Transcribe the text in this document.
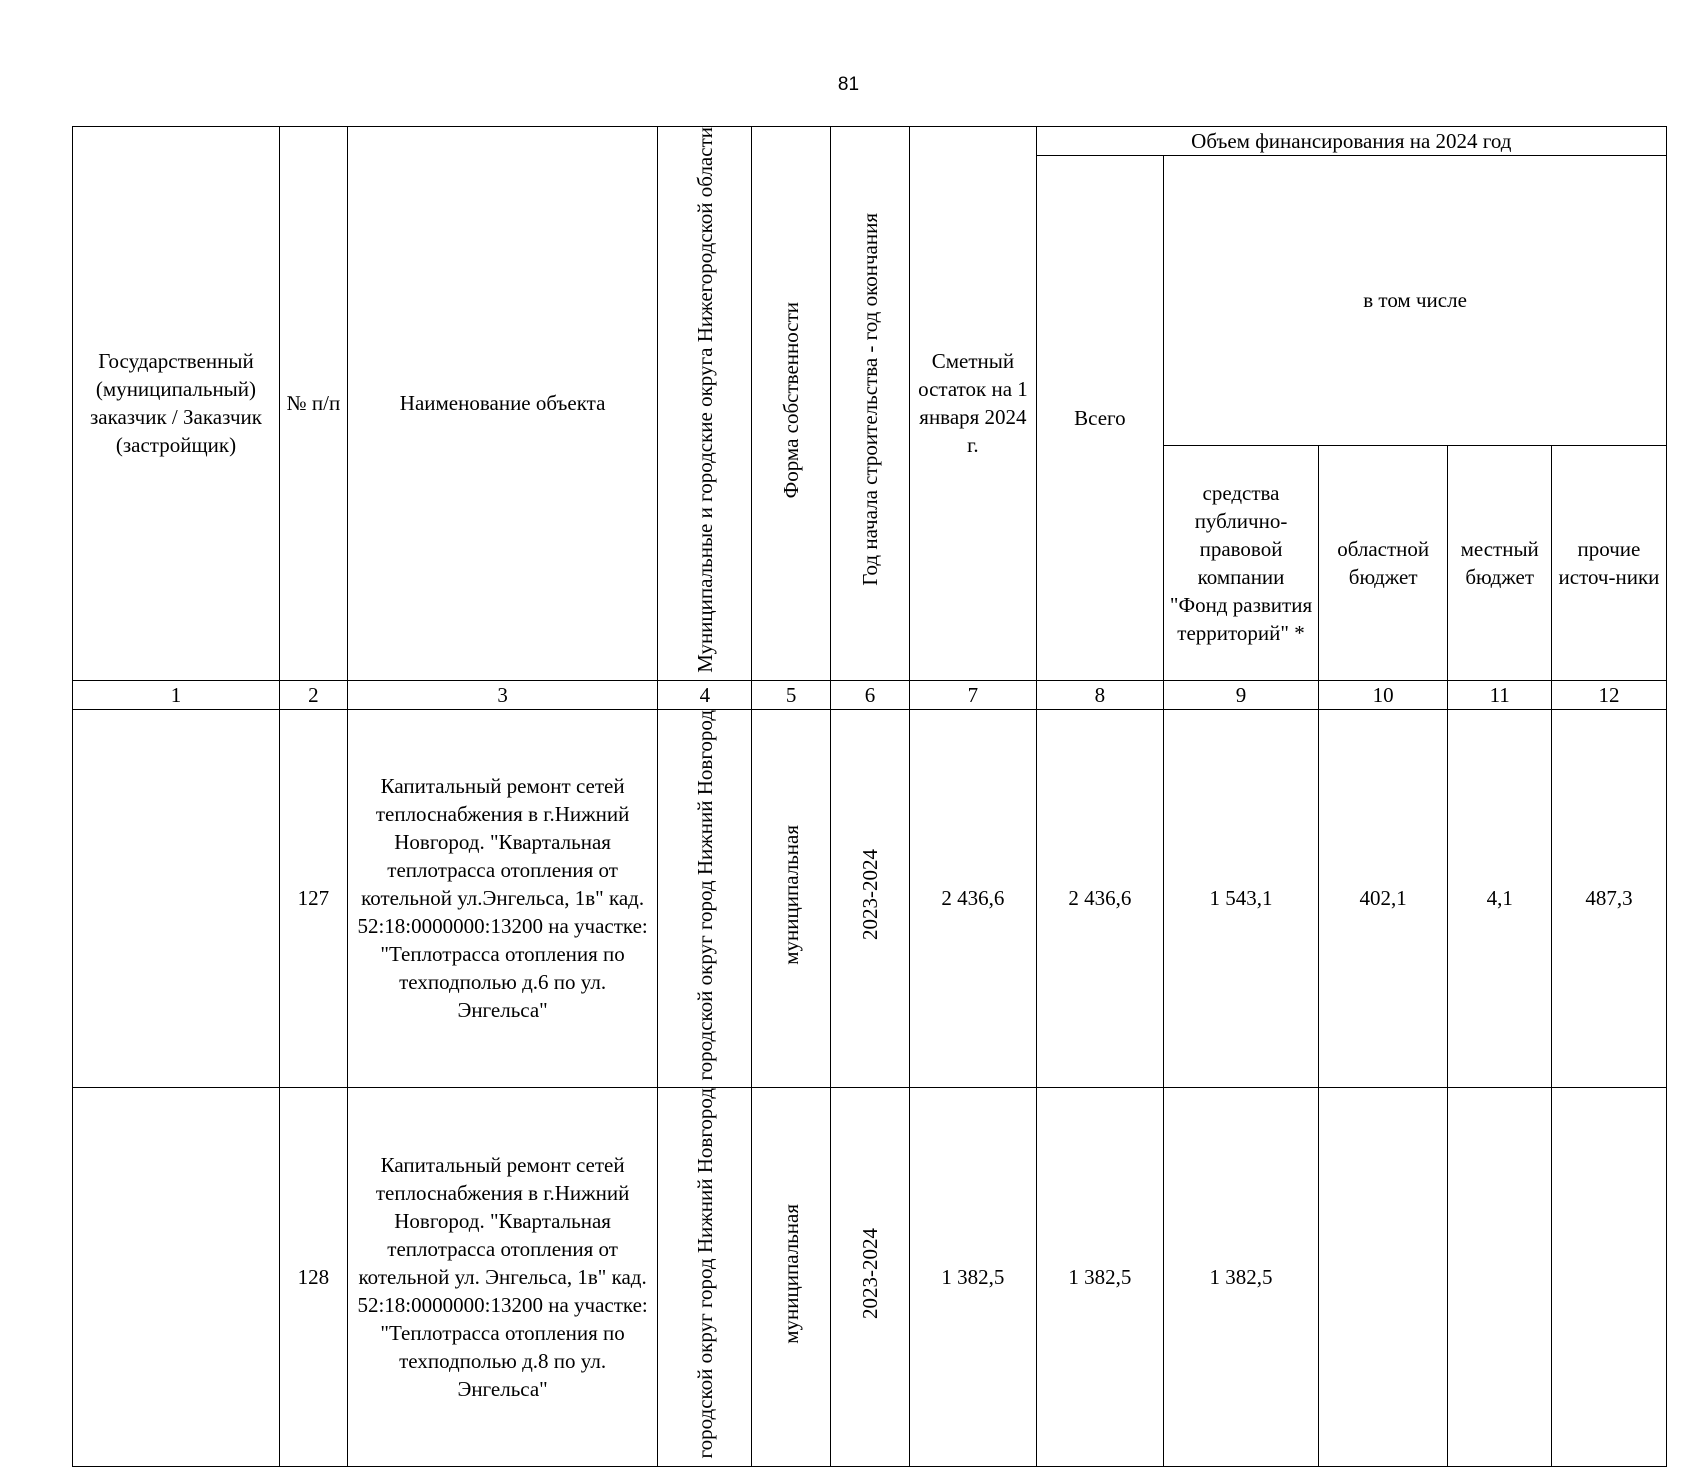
81
Государственный (муниципальный) заказчик / Заказчик (застройщик)	№ п/п	Наименование объекта	Муниципальные и городские округа Нижегородской области	Форма собственности	Год начала строительства - год окончания	Сметный остаток на 1 января 2024 г.	Объем финансирования на 2024 год				
							Всего	в том числе			
								средства публично-правовой компании "Фонд развития территорий" *	областной бюджет	местный бюджет	прочие источ-ники
1	2	3	4	5	6	7	8	9	10	11	12
	127	Капитальный ремонт сетей теплоснабжения в г.Нижний Новгород. "Квартальная теплотрасса отопления от котельной ул.Энгельса, 1в" кад. 52:18:0000000:13200 на участке: "Теплотрасса отопления по техподполью д.6 по ул. Энгельса"	городской округ город Нижний Новгород	муниципальная	2023-2024	2 436,6	2 436,6	1 543,1	402,1	4,1	487,3
	128	Капитальный ремонт сетей теплоснабжения в г.Нижний Новгород. "Квартальная теплотрасса отопления от котельной ул. Энгельса, 1в" кад. 52:18:0000000:13200 на участке: "Теплотрасса отопления по техподполью д.8 по ул. Энгельса"	городской округ город Нижний Новгород	муниципальная	2023-2024	1 382,5	1 382,5	1 382,5			
